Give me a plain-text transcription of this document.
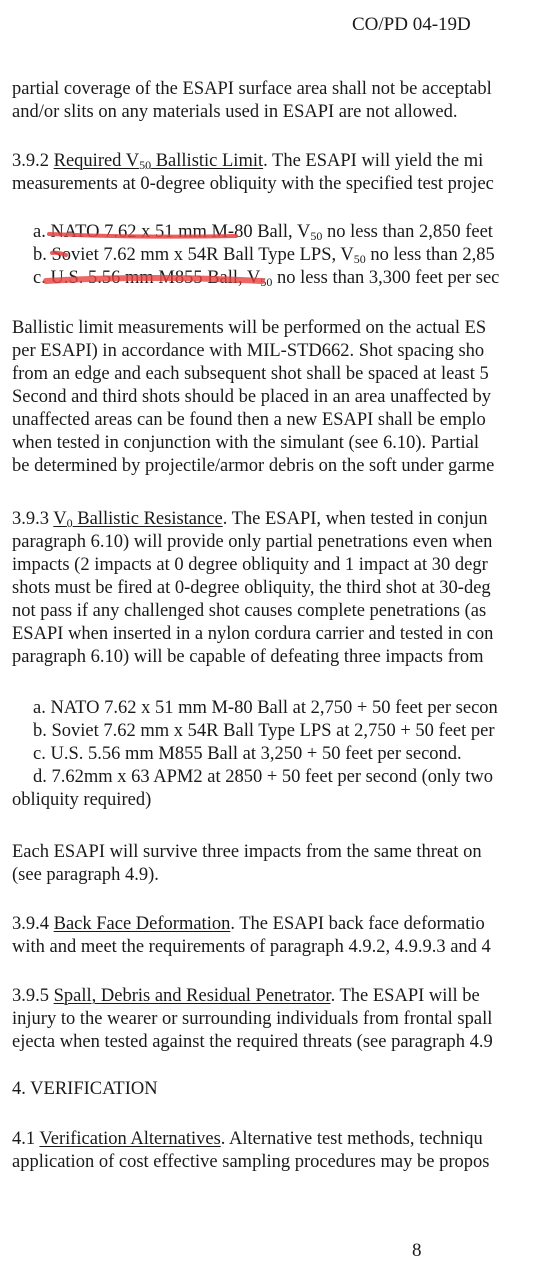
CO/PD 04-19D
partial coverage of the ESAPI surface area shall not be acceptabl
and/or slits on any materials used in ESAPI are not allowed.
3.9.2 Required $V_{50}$ Ballistic Limit. The ESAPI will yield the mi
measurements at 0-degree obliquity with the specified test projec
a. NATO 7.62 x 51 mm M-80 Ball, $V_{50}$ no less than 2,850 feet
b. Soviet 7.62 mm x 54R Ball Type LPS, $V_{50}$ no less than 2,85
c. U.S. 5.56 mm M855 Ball, $V_{50}$ no less than 3,300 feet per sec
Ballistic limit measurements will be performed on the actual ES
per ESAPI) in accordance with MIL-STD662. Shot spacing sho
from an edge and each subsequent shot shall be spaced at least 5
Second and third shots should be placed in an area unaffected by
unaffected areas can be found then a new ESAPI shall be emplo
when tested in conjunction with the simulant (see 6.10). Partial
be determined by projectile/armor debris on the soft under garme
3.9.3 $V_0$ Ballistic Resistance. The ESAPI, when tested in conjun
paragraph 6.10) will provide only partial penetrations even when
impacts (2 impacts at 0 degree obliquity and 1 impact at 30 degr
shots must be fired at 0-degree obliquity, the third shot at 30-deg
not pass if any challenged shot causes complete penetrations (as
ESAPI when inserted in a nylon cordura carrier and tested in con
paragraph 6.10) will be capable of defeating three impacts from
a. NATO 7.62 x 51 mm M-80 Ball at 2,750 + 50 feet per secon
b. Soviet 7.62 mm x 54R Ball Type LPS at 2,750 + 50 feet per
c. U.S. 5.56 mm M855 Ball at 3,250 + 50 feet per second.
d. 7.62mm x 63 APM2 at 2850 + 50 feet per second (only two
obliquity required)
Each ESAPI will survive three impacts from the same threat on
(see paragraph 4.9).
3.9.4 Back Face Deformation. The ESAPI back face deformatio
with and meet the requirements of paragraph 4.9.2, 4.9.9.3 and 4
3.9.5 Spall, Debris and Residual Penetrator. The ESAPI will be
injury to the wearer or surrounding individuals from frontal spall
ejecta when tested against the required threats (see paragraph 4.9
4. VERIFICATION
4.1 Verification Alternatives. Alternative test methods, techniqu
application of cost effective sampling procedures may be propos
8
